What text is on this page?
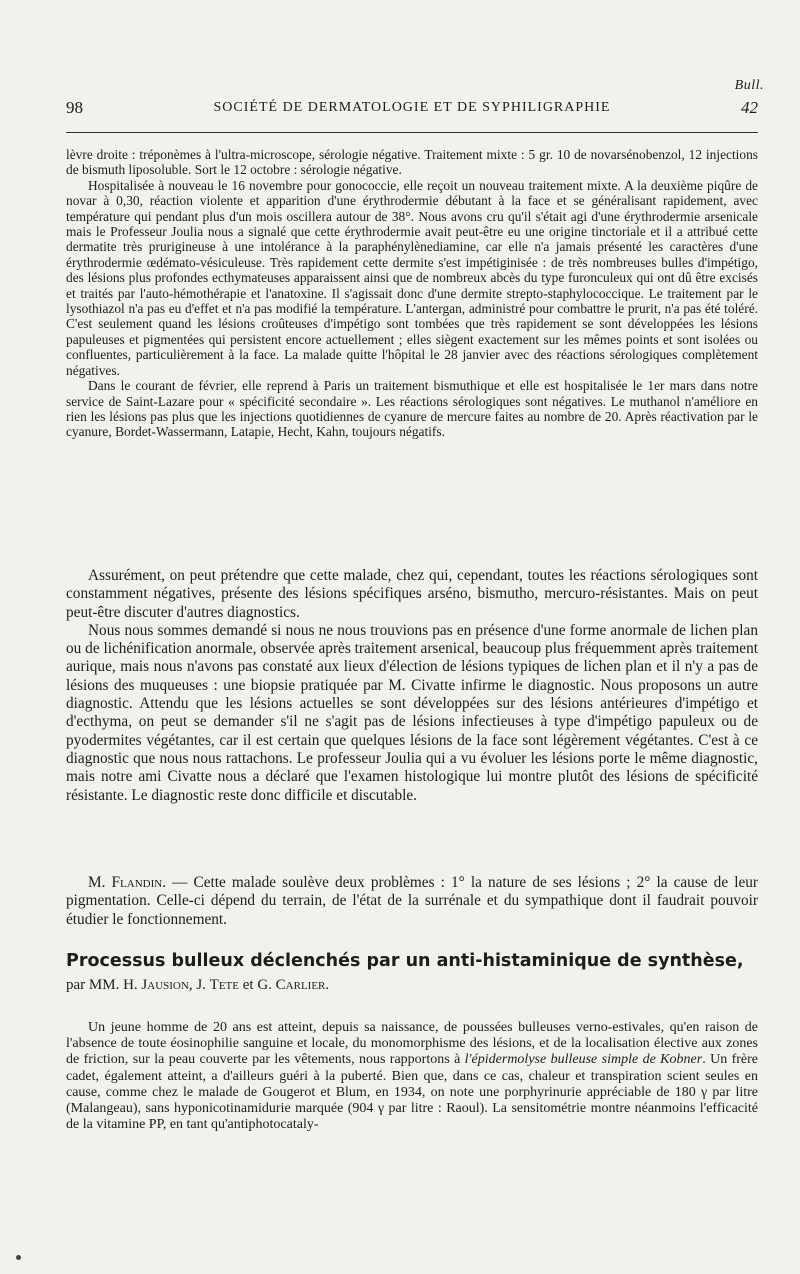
Bull.
98	SOCIÉTÉ DE DERMATOLOGIE ET DE SYPHILIGRAPHIE	42

lèvre droite : tréponèmes à l'ultra-microscope, sérologie négative. Traitement mixte : 5 gr. 10 de novarsénobenzol, 12 injections de bismuth liposoluble. Sort le 12 octobre : sérologie négative.

Hospitalisée à nouveau le 16 novembre pour gonococcie, elle reçoit un nouveau traitement mixte. A la deuxième piqûre de novar à 0,30, réaction violente et apparition d'une érythrodermie débutant à la face et se généralisant rapidement, avec température qui pendant plus d'un mois oscillera autour de 38°. Nous avons cru qu'il s'était agi d'une érythrodermie arsenicale mais le Professeur Joulia nous a signalé que cette érythrodermie avait peut-être eu une origine tinctoriale et il a attribué cette dermatite très prurigineuse à une intolérance à la paraphénylènediamine, car elle n'a jamais présenté les caractères d'une érythrodermie œdémato-vésiculeuse. Très rapidement cette dermite s'est impétiginisée : de très nombreuses bulles d'impétigo, des lésions plus profondes ecthymateuses apparaissent ainsi que de nombreux abcès du type furonculeux qui ont dû être excisés et traités par l'auto-hémothérapie et l'anatoxine. Il s'agissait donc d'une dermite strepto-staphylococcique. Le traitement par le lysothiazol n'a pas eu d'effet et n'a pas modifié la température. L'antergan, administré pour combattre le prurit, n'a pas été toléré. C'est seulement quand les lésions croûteuses d'impétigo sont tombées que très rapidement se sont développées les lésions papuleuses et pigmentées qui persistent encore actuellement ; elles siègent exactement sur les mêmes points et sont isolées ou confluentes, particulièrement à la face. La malade quitte l'hôpital le 28 janvier avec des réactions sérologiques complètement négatives.

Dans le courant de février, elle reprend à Paris un traitement bismuthique et elle est hospitalisée le 1er mars dans notre service de Saint-Lazare pour « spécificité secondaire ». Les réactions sérologiques sont négatives. Le muthanol n'améliore en rien les lésions pas plus que les injections quotidiennes de cyanure de mercure faites au nombre de 20. Après réactivation par le cyanure, Bordet-Wassermann, Latapie, Hecht, Kahn, toujours négatifs.

Assurément, on peut prétendre que cette malade, chez qui, cependant, toutes les réactions sérologiques sont constamment négatives, présente des lésions spécifiques arséno, bismutho, mercuro-résistantes. Mais on peut peut-être discuter d'autres diagnostics.

Nous nous sommes demandé si nous ne nous trouvions pas en présence d'une forme anormale de lichen plan ou de lichénification anormale, observée après traitement arsenical, beaucoup plus fréquemment après traitement aurique, mais nous n'avons pas constaté aux lieux d'élection de lésions typiques de lichen plan et il n'y a pas de lésions des muqueuses : une biopsie pratiquée par M. Civatte infirme le diagnostic. Nous proposons un autre diagnostic. Attendu que les lésions actuelles se sont développées sur des lésions antérieures d'impétigo et d'ecthyma, on peut se demander s'il ne s'agit pas de lésions infectieuses à type d'impétigo papuleux ou de pyodermites végétantes, car il est certain que quelques lésions de la face sont légèrement végétantes. C'est à ce diagnostic que nous nous rattachons. Le professeur Joulia qui a vu évoluer les lésions porte le même diagnostic, mais notre ami Civatte nous a déclaré que l'examen histologique lui montre plutôt des lésions de spécificité résistante. Le diagnostic reste donc difficile et discutable.

M. Flandin. — Cette malade soulève deux problèmes : 1° la nature de ses lésions ; 2° la cause de leur pigmentation. Celle-ci dépend du terrain, de l'état de la surrénale et du sympathique dont il faudrait pouvoir étudier le fonctionnement.

Processus bulleux déclenchés par un anti-histaminique de synthèse, par MM. H. Jausion, J. Tete et G. Carlier.

Un jeune homme de 20 ans est atteint, depuis sa naissance, de poussées bulleuses verno-estivales, qu'en raison de l'absence de toute éosinophilie sanguine et locale, du monomorphisme des lésions, et de la localisation élective aux zones de friction, sur la peau couverte par les vêtements, nous rapportons à l'épidermolyse bulleuse simple de Kobner. Un frère cadet, également atteint, a d'ailleurs guéri à la puberté. Bien que, dans ce cas, chaleur et transpiration scient seules en cause, comme chez le malade de Gougerot et Blum, en 1934, on note une porphyrinurie appréciable de 180 γ par litre (Malangeau), sans hyponicotinamidurie marquée (904 γ par litre : Raoul). La sensitométrie montre néanmoins l'efficacité de la vitamine PP, en tant qu'antiphotocataly-
